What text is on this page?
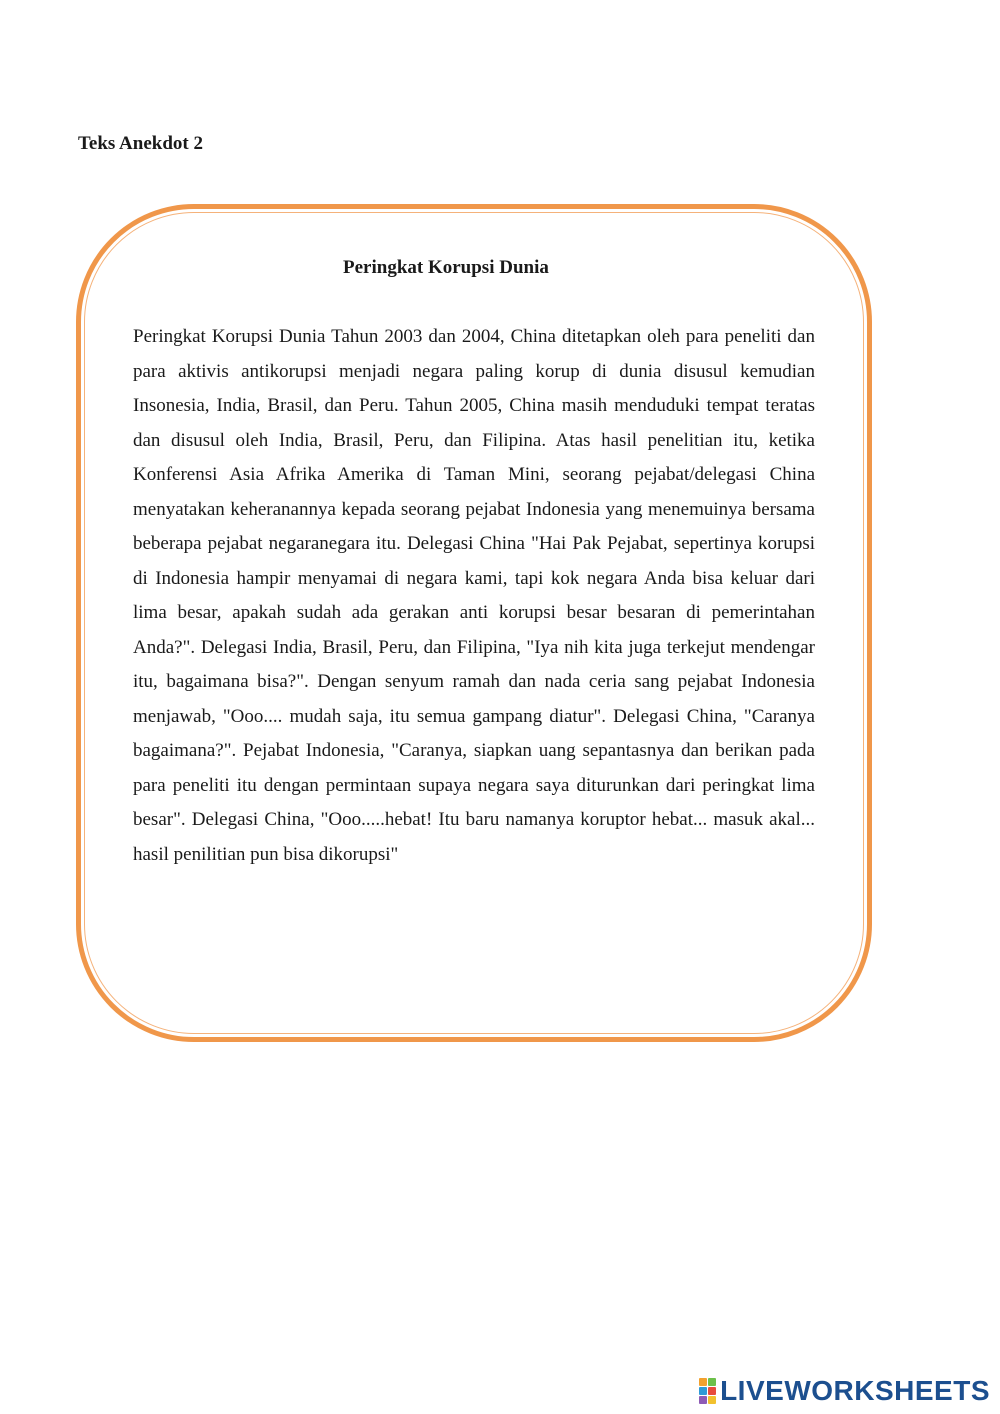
Teks Anekdot 2
Peringkat Korupsi Dunia

Peringkat Korupsi Dunia Tahun 2003 dan 2004, China ditetapkan oleh para peneliti dan para aktivis antikorupsi menjadi negara paling korup di dunia disusul kemudian Insonesia, India, Brasil, dan Peru. Tahun 2005, China masih menduduki tempat teratas dan disusul oleh India, Brasil, Peru, dan Filipina. Atas hasil penelitian itu, ketika Konferensi Asia Afrika Amerika di Taman Mini, seorang pejabat/delegasi China menyatakan keheranannya kepada seorang pejabat Indonesia yang menemuinya bersama beberapa pejabat negaranegara itu. Delegasi China "Hai Pak Pejabat, sepertinya korupsi di Indonesia hampir menyamai di negara kami, tapi kok negara Anda bisa keluar dari lima besar, apakah sudah ada gerakan anti korupsi besar besaran di pemerintahan Anda?". Delegasi India, Brasil, Peru, dan Filipina, "Iya nih kita juga terkejut mendengar itu, bagaimana bisa?". Dengan senyum ramah dan nada ceria sang pejabat Indonesia menjawab, "Ooo.... mudah saja, itu semua gampang diatur". Delegasi China, "Caranya bagaimana?". Pejabat Indonesia, "Caranya, siapkan uang sepantasnya dan berikan pada para peneliti itu dengan permintaan supaya negara saya diturunkan dari peringkat lima besar". Delegasi China, "Ooo.....hebat! Itu baru namanya koruptor hebat... masuk akal... hasil penilitian pun bisa dikorupsi"

LIVEWORKSHEETS
